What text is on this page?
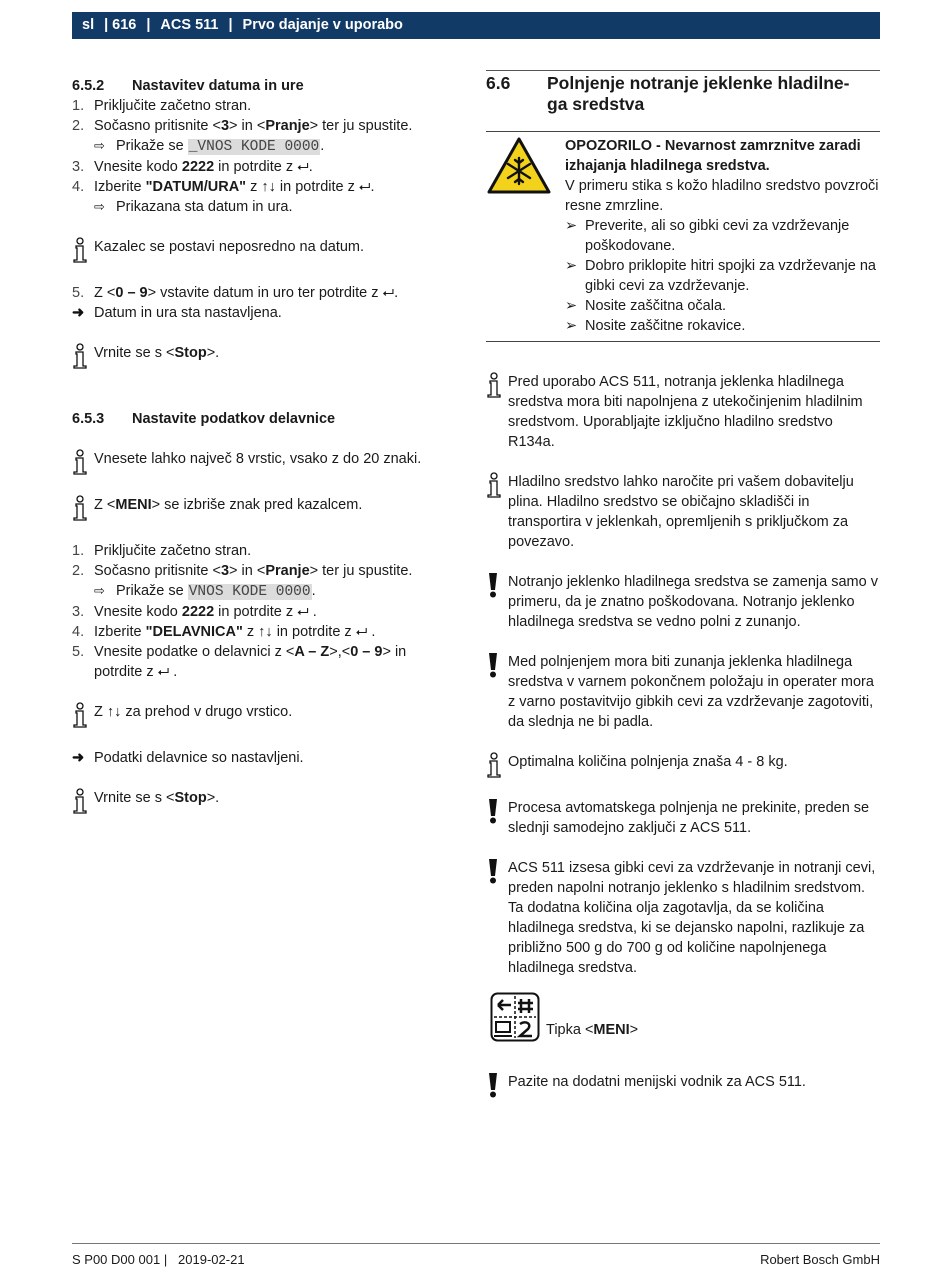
sl | 616 | ACS 511 | Prvo dajanje v uporabo
6.5.2	Nastavitev datuma in ure
1. Priključite začetno stran.
2. Sočasno pritisnite <3> in <Pranje> ter ju spustite.
⇨ Prikaže se _VNOS KODE 0000.
3. Vnesite kodo 2222 in potrdite z ⮠.
4. Izberite "DATUM/URA" z ↑↓ in potrdite z ⮠.
⇨ Prikazana sta datum in ura.
Kazalec se postavi neposredno na datum.
5. Z <0 – 9> vstavite datum in uro ter potrdite z ⮠.
➜ Datum in ura sta nastavljena.
Vrnite se s <Stop>.
6.5.3	Nastavite podatkov delavnice
Vnesete lahko največ 8 vrstic, vsako z do 20 znaki.
Z <MENI> se izbriše znak pred kazalcem.
1. Priključite začetno stran.
2. Sočasno pritisnite <3> in <Pranje> ter ju spustite.
⇨ Prikaže se VNOS KODE 0000.
3. Vnesite kodo 2222 in potrdite z ⮠ .
4. Izberite "DELAVNICA" z ↑↓ in potrdite z ⮠ .
5. Vnesite podatke o delavnici z <A – Z>,<0 – 9> in
potrdite z ⮠ .
Z ↑↓ za prehod v drugo vrstico.
➜ Podatki delavnice so nastavljeni.
Vrnite se s <Stop>.
6.6	Polnjenje notranje jeklenke hladilne-
ga sredstva
OPOZORILO - Nevarnost zamrznitve zaradi izhajanja hladilnega sredstva.
V primeru stika s kožo hladilno sredstvo povzroči resne zmrzline.
➢ Preverite, ali so gibki cevi za vzdrževanje poškodovane.
➢ Dobro priklopite hitri spojki za vzdrževanje na gibki cevi za vzdrževanje.
➢ Nosite zaščitna očala.
➢ Nosite zaščitne rokavice.
Pred uporabo ACS 511, notranja jeklenka hladilnega sredstva mora biti napolnjena z utekočinjenim hladilnim sredstvom. Uporabljajte izključno hladilno sredstvo R134a.
Hladilno sredstvo lahko naročite pri vašem dobavitelju plina. Hladilno sredstvo se običajno skladišči in transportira v jeklenkah, opremljenih s priključkom za povezavo.
Notranjo jeklenko hladilnega sredstva se zamenja samo v primeru, da je znatno poškodovana. Notranjo jeklenko hladilnega sredstva se vedno polni z zunanjo.
Med polnjenjem mora biti zunanja jeklenka hladilnega sredstva v varnem pokončnem položaju in operater mora z varno postavitvijo gibkih cevi za vzdrževanje zagotoviti, da slednja ne bi padla.
Optimalna količina polnjenja znaša 4 - 8 kg.
Procesa avtomatskega polnjenja ne prekinite, preden se slednji samodejno zaključi z ACS 511.
ACS 511 izsesa gibki cevi za vzdrževanje in notranji cevi, preden napolni notranjo jeklenko s hladilnim sredstvom. Ta dodatna količina olja zagotavlja, da se količina hladilnega sredstva, ki se dejansko napolni, razlikuje za približno 500 g do 700 g od količine napolnjenega hladilnega sredstva.
Tipka <MENI>
Pazite na dodatni menijski vodnik za ACS 511.
S P00 D00 001 | 2019-02-21	Robert Bosch GmbH
